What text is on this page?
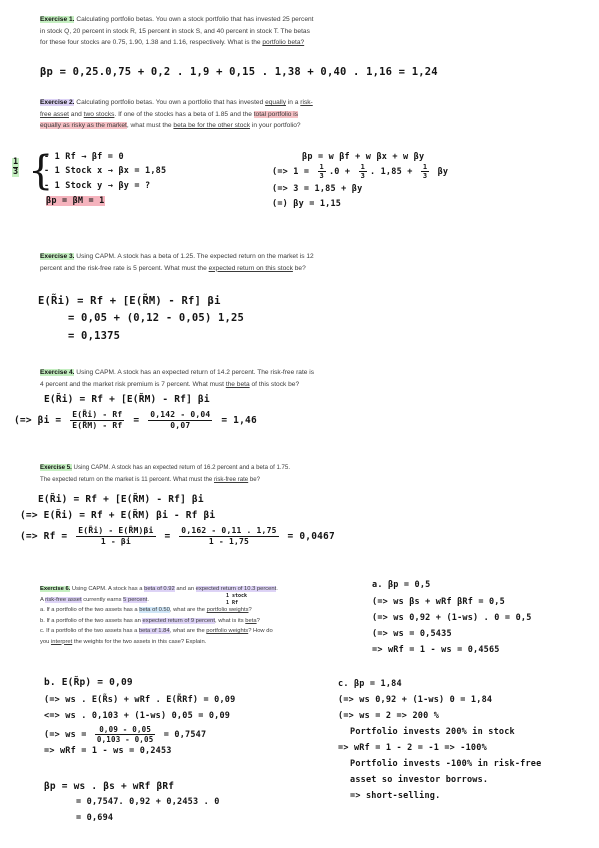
Exercise 1. Calculating portfolio betas. You own a stock portfolio that has invested 25 percent
in stock Q, 20 percent in stock R, 15 percent in stock S, and 40 percent in stock T. The betas
for these four stocks are 0.75, 1.90, 1.38 and 1.16, respectively. What is the portfolio beta?
βp = 0,25.0,75 + 0,2 . 1,9 + 0,15 . 1,38 + 0,40 . 1,16 = 1,24
Exercise 2. Calculating portfolio betas. You own a portfolio that has invested equally in a risk-
free asset and two stocks. If one of the stocks has a beta of 1.85 and the total portfolio is
equally as risky as the market, what must the beta be for the other stock in your portfolio?
$\frac{1}{3}$ {
- 1 Rf → βf = 0
- 1 Stock x → βx = 1,85
- 1 Stock y → βy = ?
βp = βM = 1
βp = w βf + w βx + w βy
(=> $1 = \frac{1}{3} .0 + \frac{1}{3}$ . $1,85 + \frac{1}{3}$ βy
(=> 3 = 1,85 + βy
(=) βy = 1,15
Exercise 3. Using CAPM. A stock has a beta of 1.25. The expected return on the market is 12
percent and the risk-free rate is 5 percent. What must the expected return on this stock be?
E(R̃i) = Rf + [E(R̃M) - Rf] βi
= 0,05 + (0,12 - 0,05) 1,25
= 0,1375
Exercise 4. Using CAPM. A stock has an expected return of 14.2 percent. The risk-free rate is
4 percent and the market risk premium is 7 percent. What must the beta of this stock be?
E(R̃i) = Rf + [E(R̃M) - Rf] βi
(=> $\beta i = \frac{E(R̃i) - Rf}{E(R̃M) - Rf} = \frac{0,142 - 0,04}{0,07} = 1,46$
Exercise 5. Using CAPM. A stock has an expected return of 16.2 percent and a beta of 1.75.
The expected return on the market is 11 percent. What must the risk-free rate be?
E(R̃i) = Rf + [E(R̃M) - Rf] βi
(=> E(R̃i) = Rf + E(R̃M) βi - Rf βi
(=> $Rf = \frac{E(R̃i) - E(R̃M)\beta i}{1 - \beta i} = \frac{0,162 - 0,11 . 1,75}{1 - 1,75} = 0,0467$
Exercise 6. Using CAPM. A stock has a beta of 0.92 and an expected return of 10.3 percent.
A risk-free asset currently earns 5 percent.
a. If a portfolio of the two assets has a beta of 0.50, what are the portfolio weights?
b. If a portfolio of the two assets has an expected return of 9 percent, what is its beta?
c. If a portfolio of the two assets has a beta of 1.84, what are the portfolio weights? How do
you interpret the weights for the two assets in this case? Explain.
1 stock
1 Rf
a. βp = 0,5
(=> ws βs + wRf βRf = 0,5
(=> ws 0,92 + (1-ws) . 0 = 0,5
(=> ws = 0,5435
=> wRf = 1 - ws = 0,4565
b. E(R̃p) = 0,09
(=> ws . E(R̃s) + wRf . E(R̃Rf) = 0,09
<=> ws . 0,103 + (1-ws) 0,05 = 0,09
(=> ws = $\frac{0,09 - 0,05}{0,103 - 0,05} = 0,7547$
=> wRf = 1 - ws = 0,2453
βp = ws . βs + wRf βRf
= 0,7547. 0,92 + 0,2453 . 0
= 0,694
c. βp = 1,84
(=> ws 0,92 + (1-ws) 0 = 1,84
(=> ws = 2 => 200 %
Portfolio invests 200% in stock
=> wRf = 1 - 2 = -1 => -100%
Portfolio invests -100% in risk-free
asset so investor borrows.
=> short-selling.
